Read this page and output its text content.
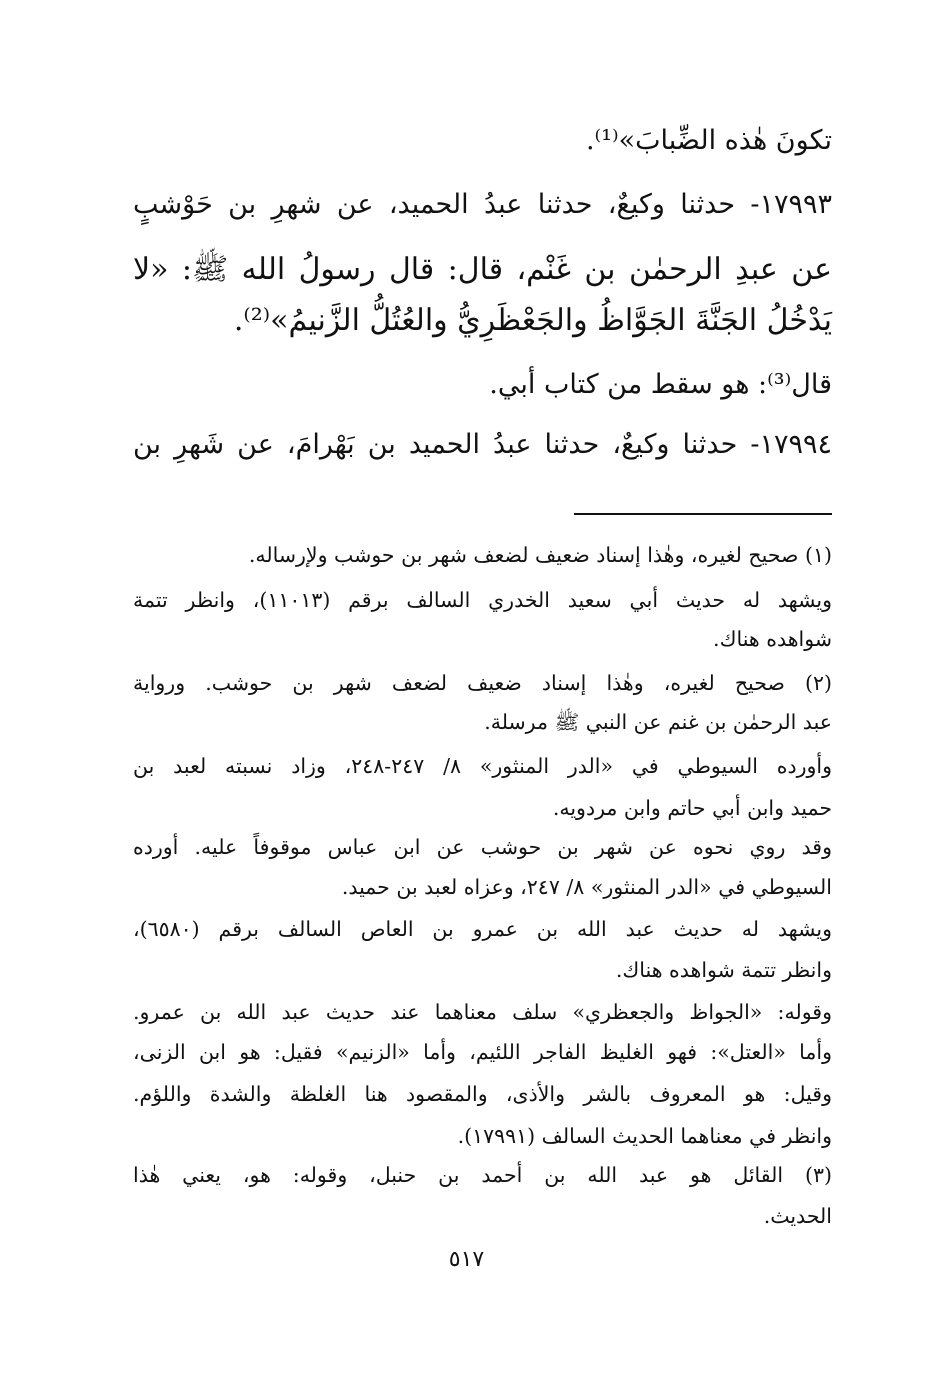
تكونَ هٰذه الضِّبابَ»⁽¹⁾.
١٧٩٩٣- حدثنا وكيعٌ، حدثنا عبدُ الحميد، عن شهرِ بن حَوْشبٍ
عن عبدِ الرحمٰن بن غَنْم، قال: قال رسولُ الله ﷺ: «لا
يَدْخُلُ الجَنَّةَ الجَوَّاظُ والجَعْظَرِيُّ والعُتُلُّ الزَّنيمُ»⁽²⁾.
قال⁽³⁾: هو سقط من كتاب أبي.
١٧٩٩٤- حدثنا وكيعٌ، حدثنا عبدُ الحميد بن بَهْرامَ، عن شَهرِ بن
(١) صحيح لغيره، وهٰذا إسناد ضعيف لضعف شهر بن حوشب ولإرساله.
ويشهد له حديث أبي سعيد الخدري السالف برقم (١١٠١٣)، وانظر تتمة
شواهده هناك.
(٢) صحيح لغيره، وهٰذا إسناد ضعيف لضعف شهر بن حوشب. ورواية
عبد الرحمٰن بن غنم عن النبي ﷺ مرسلة.
وأورده السيوطي في «الدر المنثور» ٨/ ٢٤٧-٢٤٨، وزاد نسبته لعبد بن
حميد وابن أبي حاتم وابن مردويه.
وقد روي نحوه عن شهر بن حوشب عن ابن عباس موقوفاً عليه. أورده
السيوطي في «الدر المنثور» ٨/ ٢٤٧، وعزاه لعبد بن حميد.
ويشهد له حديث عبد الله بن عمرو بن العاص السالف برقم (٦٥٨٠)،
وانظر تتمة شواهده هناك.
وقوله: «الجواظ والجعظري» سلف معناهما عند حديث عبد الله بن عمرو.
وأما «العتل»: فهو الغليظ الفاجر اللئيم، وأما «الزنيم» فقيل: هو ابن الزنى،
وقيل: هو المعروف بالشر والأذى، والمقصود هنا الغلظة والشدة واللؤم.
وانظر في معناهما الحديث السالف (١٧٩٩١).
(٣) القائل هو عبد الله بن أحمد بن حنبل، وقوله: هو، يعني هٰذا
الحديث.
٥١٧
